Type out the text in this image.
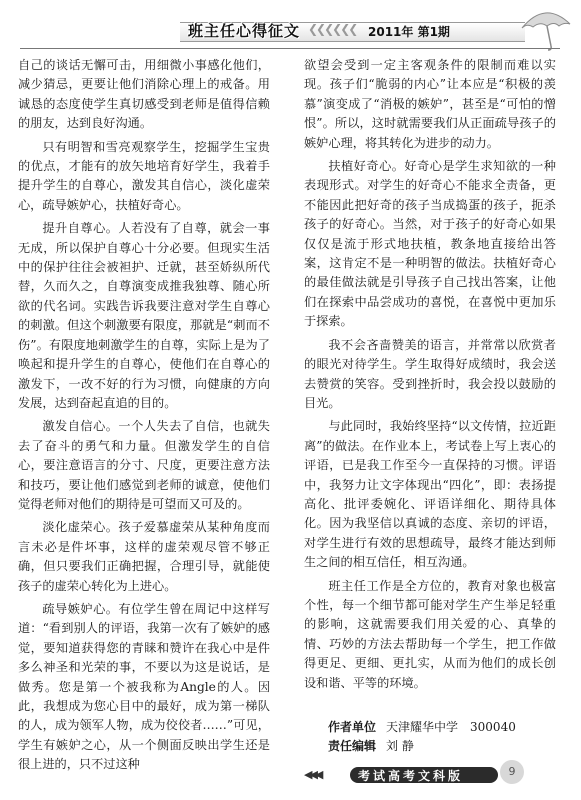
班主任心得征文 ❮❮❮❮❮❮ 2011年 第1期

自己的谈话无懈可击，用细微小事感化他们，减少猜忌，更要让他们消除心理上的戒备。用诚恳的态度使学生真切感受到老师是值得信赖的朋友，达到良好沟通。

只有明智和雪亮观察学生，挖掘学生宝贵的优点，才能有的放矢地培育好学生，我着手提升学生的自尊心，激发其自信心，淡化虚荣心，疏导嫉妒心，扶植好奇心。

提升自尊心。人若没有了自尊，就会一事无成，所以保护自尊心十分必要。但现实生活中的保护往往会被袒护、迁就，甚至娇纵所代替，久而久之，自尊演变成推我独尊、随心所欲的代名词。实践告诉我要注意对学生自尊心的刺激。但这个刺激要有限度，那就是“刺而不伤”。有限度地刺激学生的自尊，实际上是为了唤起和提升学生的自尊心，使他们在自尊心的激发下，一改不好的行为习惯，向健康的方向发展，达到奋起直追的目的。

激发自信心。一个人失去了自信，也就失去了奋斗的勇气和力量。但激发学生的自信心，要注意语言的分寸、尺度，更要注意方法和技巧，要让他们感觉到老师的诚意，使他们觉得老师对他们的期待是可望而又可及的。

淡化虚荣心。孩子爱慕虚荣从某种角度而言未必是件坏事，这样的虚荣观尽管不够正确，但只要我们正确把握，合理引导，就能使孩子的虚荣心转化为上进心。

疏导嫉妒心。有位学生曾在周记中这样写道：“看到别人的评语，我第一次有了嫉妒的感觉，要知道获得您的青睐和赞许在我心中是件多么神圣和光荣的事，不要以为这是说话，是做秀。您是第一个被我称为Angle的人。因此，我想成为您心目中的最好，成为第一梯队的人，成为领军人物，成为佼佼者……”可见，学生有嫉妒之心，从一个侧面反映出学生还是很上进的，只不过这种

欲望会受到一定主客观条件的限制而难以实现。孩子们“脆弱的内心”让本应是“积极的羡慕”演变成了“消极的嫉妒”，甚至是“可怕的憎恨”。所以，这时就需要我们从正面疏导孩子的嫉妒心理，将其转化为进步的动力。

扶植好奇心。好奇心是学生求知欲的一种表现形式。对学生的好奇心不能求全责备，更不能因此把好奇的孩子当成捣蛋的孩子，扼杀孩子的好奇心。当然，对于孩子的好奇心如果仅仅是流于形式地扶植，教条地直接给出答案，这肯定不是一种明智的做法。扶植好奇心的最佳做法就是引导孩子自己找出答案，让他们在探索中品尝成功的喜悦，在喜悦中更加乐于探索。

我不会吝啬赞美的语言，并常常以欣赏者的眼光对待学生。学生取得好成绩时，我会送去赞赏的笑容。受到挫折时，我会投以鼓励的目光。

与此同时，我始终坚持“以文传情，拉近距离”的做法。在作业本上，考试卷上写上衷心的评语，已是我工作至今一直保持的习惯。评语中，我努力让文字体现出“四化”，即：表扬提高化、批评委婉化、评语详细化、期待具体化。因为我坚信以真诚的态度、亲切的评语，对学生进行有效的思想疏导，最终才能达到师生之间的相互信任，相互沟通。

班主任工作是全方位的，教育对象也极富个性，每一个细节都可能对学生产生举足轻重的影响，这就需要我们用关爱的心、真挚的情、巧妙的方法去帮助每一个学生，把工作做得更足、更细、更扎实，从而为他们的成长创设和谐、平等的环境。

作者单位 天津耀华中学 300040
责任编辑 刘 静
◀◀◀	考试高考文科版	9
